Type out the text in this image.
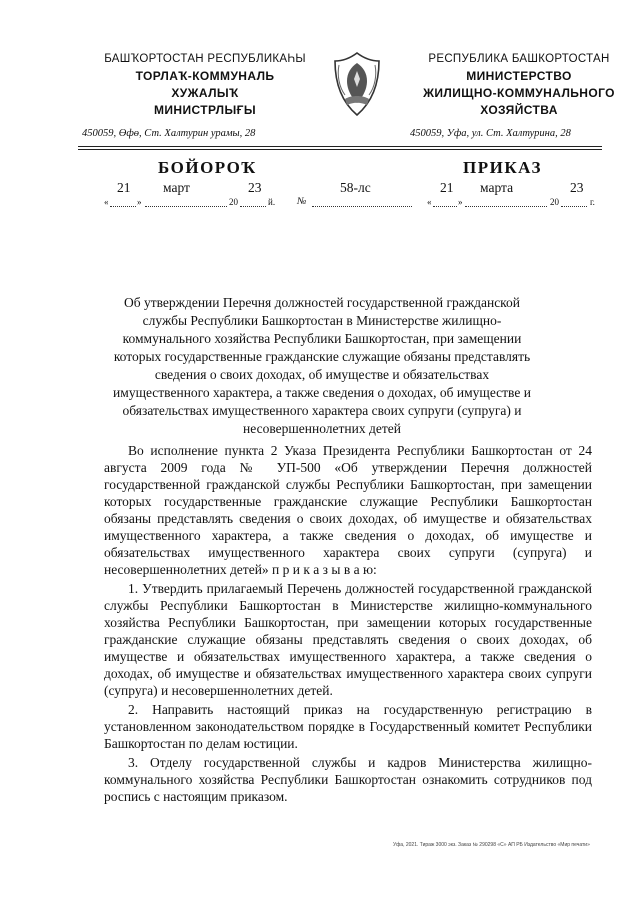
БАШҠОРТОСТАН РЕСПУБЛИКАҺЫ
ТОРЛАҠ-КОММУНАЛЬ
ХУЖАЛЫҠ
МИНИСТРЛЫҒЫ
РЕСПУБЛИКА БАШКОРТОСТАН
МИНИСТЕРСТВО
ЖИЛИЩНО-КОММУНАЛЬНОГО
ХОЗЯЙСТВА
450059, Өфө, Ст. Халтурин урамы, 28	450059, Уфа, ул. Ст. Халтурина, 28
БОЙОРОҠ	ПРИКАЗ
21 март	23
«	»	20	й. №
58-лс	21 марта	23
«	»	20	г.
Об утверждении Перечня должностей государственной гражданской службы Республики Башкортостан в Министерстве жилищно-коммунального хозяйства Республики Башкортостан, при замещении которых государственные гражданские служащие обязаны представлять сведения о своих доходах, об имуществе и обязательствах имущественного характера, а также сведения о доходах, об имуществе и обязательствах имущественного характера своих супруги (супруга) и несовершеннолетних детей

Во исполнение пункта 2 Указа Президента Республики Башкортостан от 24 августа 2009 года № УП-500 «Об утверждении Перечня должностей государственной гражданской службы Республики Башкортостан, при замещении которых государственные гражданские служащие Республики Башкортостан обязаны представлять сведения о своих доходах, об имуществе и обязательствах имущественного характера, а также сведения о доходах, об имуществе и обязательствах имущественного характера своих супруги (супруга) и несовершеннолетних детей» п р и к а з ы в а ю:

1. Утвердить прилагаемый Перечень должностей государственной гражданской службы Республики Башкортостан в Министерстве жилищно-коммунального хозяйства Республики Башкортостан, при замещении которых государственные гражданские служащие обязаны представлять сведения о своих доходах, об имуществе и обязательствах имущественного характера, а также сведения о доходах, об имуществе и обязательствах имущественного характера своих супруги (супруга) и несовершеннолетних детей.

2. Направить настоящий приказ на государственную регистрацию в установленном законодательством порядке в Государственный комитет Республики Башкортостан по делам юстиции.

3. Отделу государственной службы и кадров Министерства жилищно-коммунального хозяйства Республики Башкортостан ознакомить сотрудников под роспись с настоящим приказом.

Уфа, 2021. Тираж 3000 экз. Заказ № 290298 «С» АП РБ Издательство «Мир печати»
